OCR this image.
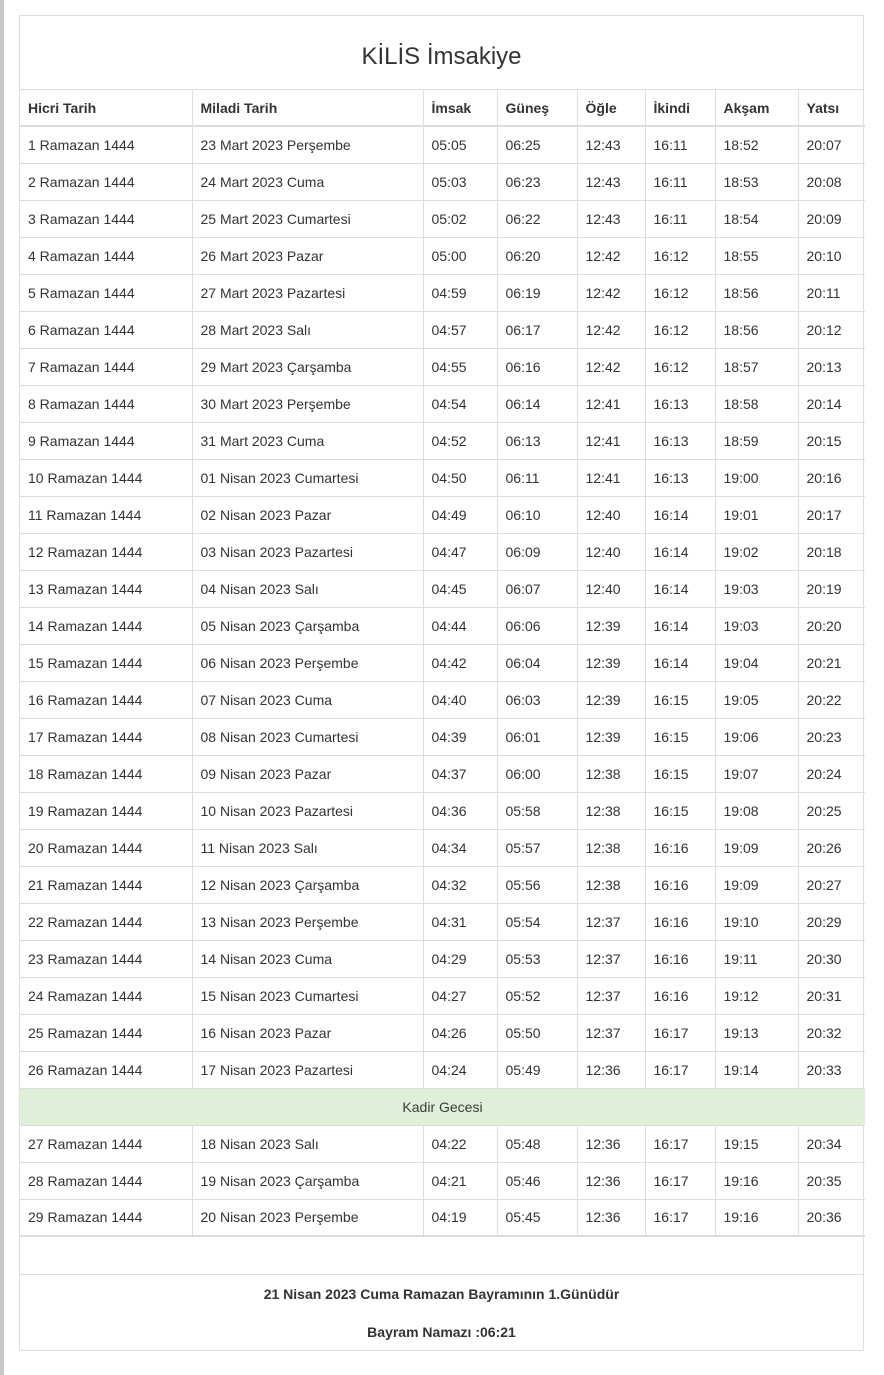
KİLİS İmsakiye
Hicri Tarih	Miladi Tarih	İmsak	Güneş	Öğle	İkindi	Akşam	Yatsı
1 Ramazan 1444	23 Mart 2023 Perşembe	05:05	06:25	12:43	16:11	18:52	20:07
2 Ramazan 1444	24 Mart 2023 Cuma	05:03	06:23	12:43	16:11	18:53	20:08
3 Ramazan 1444	25 Mart 2023 Cumartesi	05:02	06:22	12:43	16:11	18:54	20:09
4 Ramazan 1444	26 Mart 2023 Pazar	05:00	06:20	12:42	16:12	18:55	20:10
5 Ramazan 1444	27 Mart 2023 Pazartesi	04:59	06:19	12:42	16:12	18:56	20:11
6 Ramazan 1444	28 Mart 2023 Salı	04:57	06:17	12:42	16:12	18:56	20:12
7 Ramazan 1444	29 Mart 2023 Çarşamba	04:55	06:16	12:42	16:12	18:57	20:13
8 Ramazan 1444	30 Mart 2023 Perşembe	04:54	06:14	12:41	16:13	18:58	20:14
9 Ramazan 1444	31 Mart 2023 Cuma	04:52	06:13	12:41	16:13	18:59	20:15
10 Ramazan 1444	01 Nisan 2023 Cumartesi	04:50	06:11	12:41	16:13	19:00	20:16
11 Ramazan 1444	02 Nisan 2023 Pazar	04:49	06:10	12:40	16:14	19:01	20:17
12 Ramazan 1444	03 Nisan 2023 Pazartesi	04:47	06:09	12:40	16:14	19:02	20:18
13 Ramazan 1444	04 Nisan 2023 Salı	04:45	06:07	12:40	16:14	19:03	20:19
14 Ramazan 1444	05 Nisan 2023 Çarşamba	04:44	06:06	12:39	16:14	19:03	20:20
15 Ramazan 1444	06 Nisan 2023 Perşembe	04:42	06:04	12:39	16:14	19:04	20:21
16 Ramazan 1444	07 Nisan 2023 Cuma	04:40	06:03	12:39	16:15	19:05	20:22
17 Ramazan 1444	08 Nisan 2023 Cumartesi	04:39	06:01	12:39	16:15	19:06	20:23
18 Ramazan 1444	09 Nisan 2023 Pazar	04:37	06:00	12:38	16:15	19:07	20:24
19 Ramazan 1444	10 Nisan 2023 Pazartesi	04:36	05:58	12:38	16:15	19:08	20:25
20 Ramazan 1444	11 Nisan 2023 Salı	04:34	05:57	12:38	16:16	19:09	20:26
21 Ramazan 1444	12 Nisan 2023 Çarşamba	04:32	05:56	12:38	16:16	19:09	20:27
22 Ramazan 1444	13 Nisan 2023 Perşembe	04:31	05:54	12:37	16:16	19:10	20:29
23 Ramazan 1444	14 Nisan 2023 Cuma	04:29	05:53	12:37	16:16	19:11	20:30
24 Ramazan 1444	15 Nisan 2023 Cumartesi	04:27	05:52	12:37	16:16	19:12	20:31
25 Ramazan 1444	16 Nisan 2023 Pazar	04:26	05:50	12:37	16:17	19:13	20:32
26 Ramazan 1444	17 Nisan 2023 Pazartesi	04:24	05:49	12:36	16:17	19:14	20:33
Kadir Gecesi							
27 Ramazan 1444	18 Nisan 2023 Salı	04:22	05:48	12:36	16:17	19:15	20:34
28 Ramazan 1444	19 Nisan 2023 Çarşamba	04:21	05:46	12:36	16:17	19:16	20:35
29 Ramazan 1444	20 Nisan 2023 Perşembe	04:19	05:45	12:36	16:17	19:16	20:36
21 Nisan 2023 Cuma Ramazan Bayramının 1.Günüdür
Bayram Namazı :06:21
